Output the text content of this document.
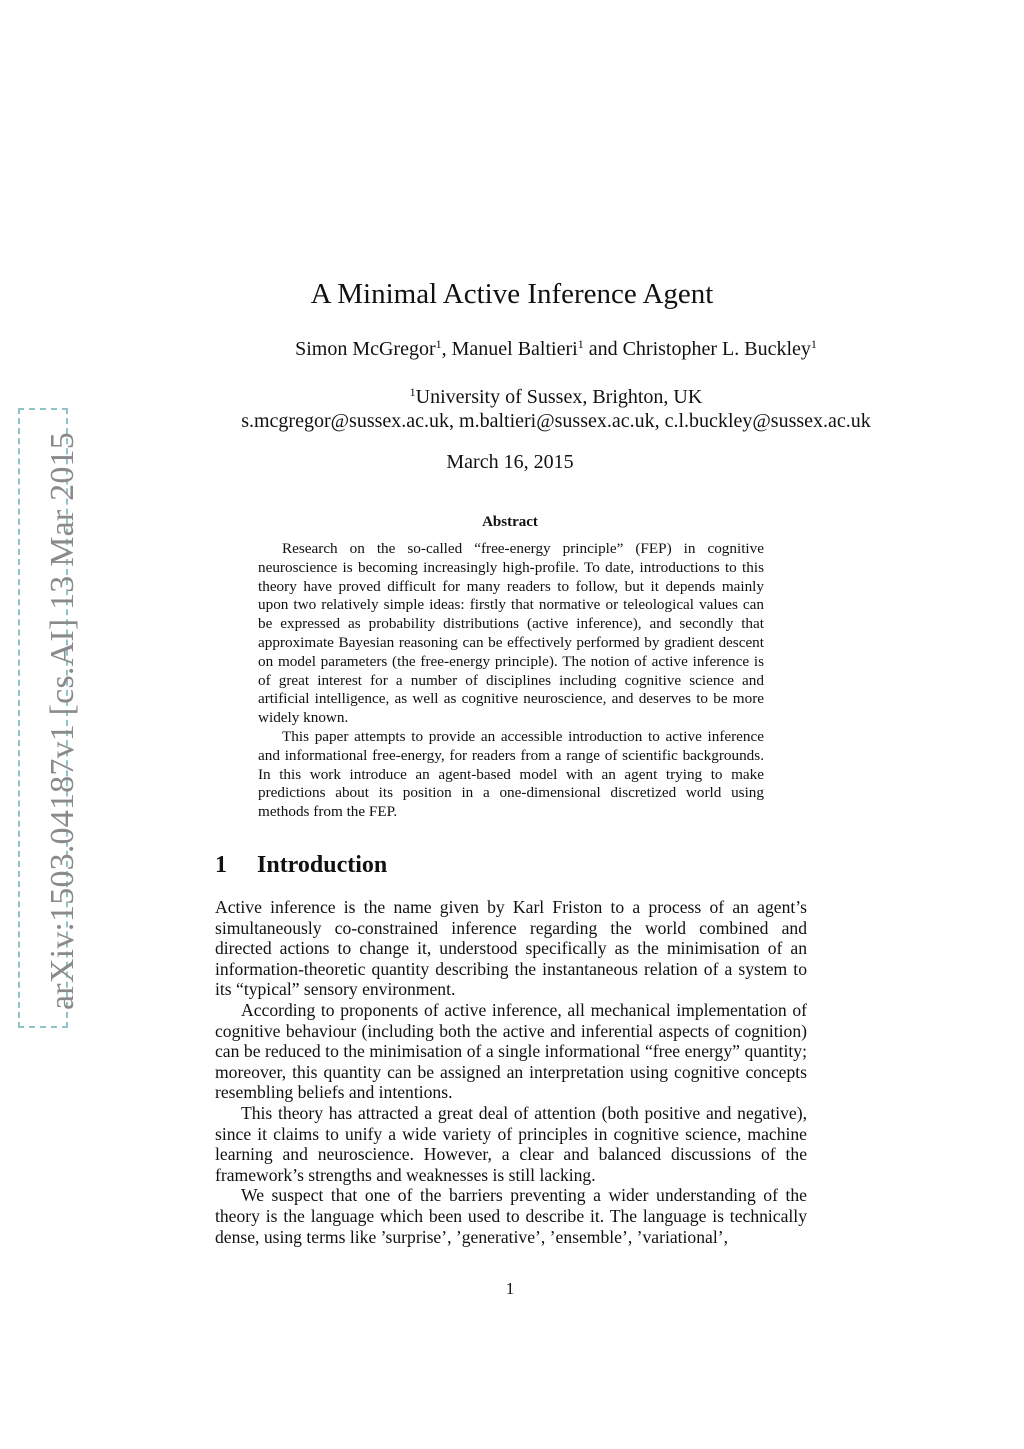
arXiv:1503.04187v1 [cs.AI] 13 Mar 2015
A Minimal Active Inference Agent
Simon McGregor$^1$, Manuel Baltieri$^1$ and Christopher L. Buckley$^1$
$^1$University of Sussex, Brighton, UK
s.mcgregor@sussex.ac.uk, m.baltieri@sussex.ac.uk, c.l.buckley@sussex.ac.uk
March 16, 2015
Abstract

Research on the so-called “free-energy principle” (FEP) in cognitive neuroscience is becoming increasingly high-profile. To date, introductions to this theory have proved difficult for many readers to follow, but it depends mainly upon two relatively simple ideas: firstly that normative or teleological values can be expressed as probability distributions (active inference), and secondly that approximate Bayesian reasoning can be effectively performed by gradient descent on model parameters (the free-energy principle). The notion of active inference is of great interest for a number of disciplines including cognitive science and artificial intelligence, as well as cognitive neuroscience, and deserves to be more widely known.

This paper attempts to provide an accessible introduction to active inference and informational free-energy, for readers from a range of scientific backgrounds. In this work introduce an agent-based model with an agent trying to make predictions about its position in a one-dimensional discretized world using methods from the FEP.

1 Introduction

Active inference is the name given by Karl Friston to a process of an agent’s simultaneously co-constrained inference regarding the world combined and directed actions to change it, understood specifically as the minimisation of an information-theoretic quantity describing the instantaneous relation of a system to its “typical” sensory environment.

According to proponents of active inference, all mechanical implementation of cognitive behaviour (including both the active and inferential aspects of cognition) can be reduced to the minimisation of a single informational “free energy” quantity; moreover, this quantity can be assigned an interpretation using cognitive concepts resembling beliefs and intentions.

This theory has attracted a great deal of attention (both positive and negative), since it claims to unify a wide variety of principles in cognitive science, machine learning and neuroscience. However, a clear and balanced discussions of the framework’s strengths and weaknesses is still lacking.

We suspect that one of the barriers preventing a wider understanding of the theory is the language which been used to describe it. The language is technically dense, using terms like ’surprise’, ’generative’, ’ensemble’, ’variational’,

1
